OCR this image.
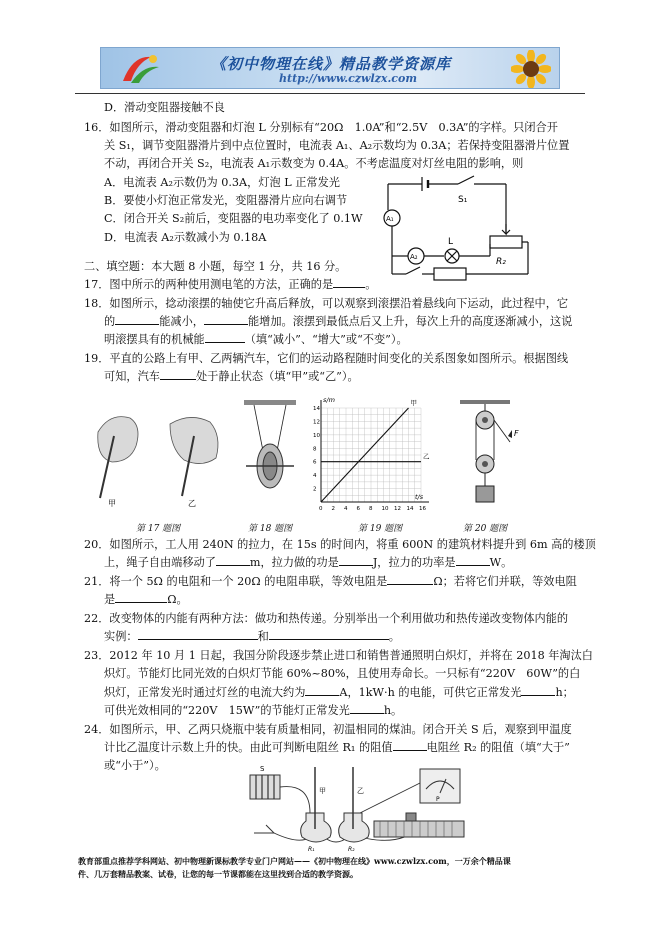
《初中物理在线》精品教学资源库
http://www.czwlzx.com
D．滑动变阻器接触不良
16．如图所示，滑动变阻器和灯泡 L 分别标有“20Ω　1.0A”和“2.5V　0.3A”的字样。只闭合开
关 S₁，调节变阻器滑片到中点位置时，电流表 A₁、A₂示数均为 0.3A；若保持变阻器滑片位置
不动，再闭合开关 S₂，电流表 A₁示数变为 0.4A。不考虑温度对灯丝电阻的影响，则
A．电流表 A₂示数仍为 0.3A，灯泡 L 正常发光
B．要使小灯泡正常发光，变阻器滑片应向右调节
C．闭合开关 S₂前后，变阻器的电功率变化了 0.1W
D．电流表 A₂示数减小为 0.18A
S₁
A₁
A₂
L
R₂
二、填空题：本大题 8 小题，每空 1 分，共 16 分。
17．图中所示的两种使用测电笔的方法，正确的是	。
18．如图所示，捻动滚摆的轴使它升高后释放，可以观察到滚摆沿着悬线向下运动，此过程中，它
的	能减小，	能增加。滚摆到最低点后又上升，每次上升的高度逐渐减小，这说
明滚摆具有的机械能	（填“减小”、“增大”或“不变”）。
19．平直的公路上有甲、乙两辆汽车，它们的运动路程随时间变化的关系图象如图所示。根据图线
可知，汽车	处于静止状态（填“甲”或“乙”）。
甲	乙
0 2 4 6 8 10 12 14 16
2
4
6
8
10
12
14
s/m
t/s
甲
乙
F
第 17 题图	第 18 题图	第 19 题图	第 20 题图
20．如图所示，工人用 240N 的拉力，在 15s 的时间内，将重 600N 的建筑材料提升到 6m 高的楼顶
上，绳子自由端移动了	m，拉力做的功是	J，拉力的功率是	W。
21．将一个 5Ω 的电阻和一个 20Ω 的电阻串联，等效电阻是	Ω；若将它们并联，等效电阻
是	Ω。
22．改变物体的内能有两种方法：做功和热传递。分别举出一个利用做功和热传递改变物体内能的
实例：	和	。
23．2012 年 10 月 1 日起，我国分阶段逐步禁止进口和销售普通照明白炽灯，并将在 2018 年淘汰白
炽灯。节能灯比同光效的白炽灯节能 60%~80%，且使用寿命长。一只标有“220V　60W”的白
炽灯，正常发光时通过灯丝的电流大约为	A，1kW·h 的电能，可供它正常发光	h；
可供光效相同的“220V　15W”的节能灯正常发光	h。
24．如图所示，甲、乙两只烧瓶中装有质量相同，初温相同的煤油。闭合开关 S 后，观察到甲温度
计比乙温度计示数上升的快。由此可判断电阻丝 R₁ 的阻值	电阻丝 R₂ 的阻值（填“大于”
或“小于”）。	S
甲	乙
R₁	R₂
P
教育部重点推荐学科网站、初中物理新课标教学专业门户网站——《初中物理在线》www.czwlzx.com，一万余个精品课
件、几万套精品教案、试卷，让您的每一节课都能在这里找到合适的教学资源。
